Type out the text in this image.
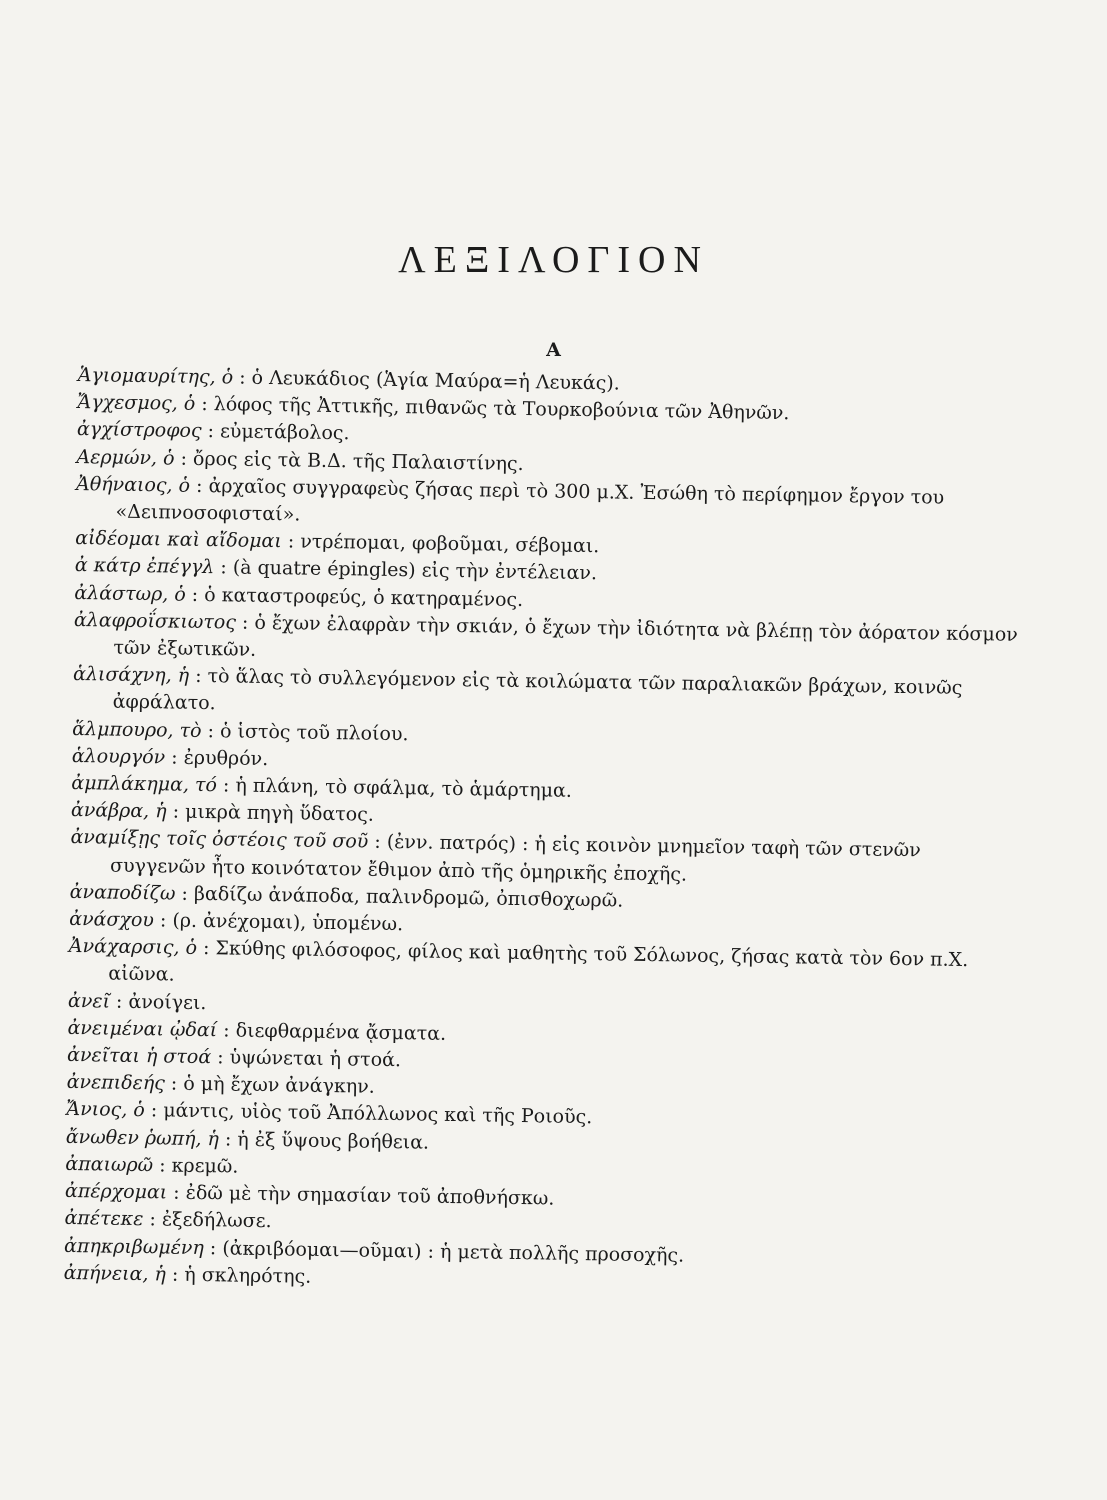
ΛΕΞΙΛΟΓΙΟΝ
Α

Ἁγιομαυρίτης, ὁ : ὁ Λευκάδιος (Ἁγία Μαύρα=ἡ Λευκάς).

Ἄγχεσμος, ὁ : λόφος τῆς Ἀττικῆς, πιθανῶς τὰ Τουρκοβούνια τῶν Ἀθηνῶν.

ἀγχίστροφος : εὐμετάβολος.

Αερμών, ὁ : ὄρος εἰς τὰ Β.Δ. τῆς Παλαιστίνης.

Ἀθήναιος, ὁ : ἀρχαῖος συγγραφεὺς ζήσας περὶ τὸ 300 μ.Χ. Ἐσώθη τὸ περίφημον ἔργον του «Δειπνοσοφισταί».

αἰδέομαι καὶ αἴδομαι : ντρέπομαι, φοβοῦμαι, σέβομαι.

ἀ κάτρ ἐπέγγλ : (à quatre épingles) εἰς τὴν ἐντέλειαν.

ἀλάστωρ, ὁ : ὁ καταστροφεύς, ὁ κατηραμένος.

ἀλαφροΐσκιωτος : ὁ ἔχων ἐλαφρὰν τὴν σκιάν, ὁ ἔχων τὴν ἰδιότητα νὰ βλέπῃ τὸν ἀόρατον κόσμον τῶν ἐξωτικῶν.

ἁλισάχνη, ἡ : τὸ ἅλας τὸ συλλεγόμενον εἰς τὰ κοιλώματα τῶν παραλιακῶν βράχων, κοινῶς ἀφράλατο.

ἅλμπουρο, τὸ : ὁ ἱστὸς τοῦ πλοίου.

ἁλουργόν : ἐρυθρόν.

ἀμπλάκημα, τό : ἡ πλάνη, τὸ σφάλμα, τὸ ἁμάρτημα.

ἀνάβρα, ἡ : μικρὰ πηγὴ ὕδατος.

ἀναμίξῃς τοῖς ὀστέοις τοῦ σοῦ : (ἐνν. πατρός) : ἡ εἰς κοινὸν μνημεῖον ταφὴ τῶν στενῶν συγγενῶν ἦτο κοινότατον ἔθιμον ἀπὸ τῆς ὁμηρικῆς ἐποχῆς.

ἀναποδίζω : βαδίζω ἀνάποδα, παλινδρομῶ, ὀπισθοχωρῶ.

ἀνάσχου : (ρ. ἀνέχομαι), ὑπομένω.

Ἀνάχαρσις, ὁ : Σκύθης φιλόσοφος, φίλος καὶ μαθητὴς τοῦ Σόλωνος, ζήσας κατὰ τὸν 6ον π.Χ. αἰῶνα.

ἀνεῖ : ἀνοίγει.

ἀνειμέναι ᾠδαί : διεφθαρμένα ᾄσματα.

ἀνεῖται ἡ στοά : ὑψώνεται ἡ στοά.

ἀνεπιδεής : ὁ μὴ ἔχων ἀνάγκην.

Ἄνιος, ὁ : μάντις, υἱὸς τοῦ Ἀπόλλωνος καὶ τῆς Ροιοῦς.

ἄνωθεν ῥωπή, ἡ : ἡ ἐξ ὕψους βοήθεια.

ἀπαιωρῶ : κρεμῶ.

ἀπέρχομαι : ἐδῶ μὲ τὴν σημασίαν τοῦ ἀποθνήσκω.

ἀπέτεκε : ἐξεδήλωσε.

ἀπηκριβωμένη : (ἀκριβόομαι—οῦμαι) : ἡ μετὰ πολλῆς προσοχῆς.

ἀπήνεια, ἡ : ἡ σκληρότης.
